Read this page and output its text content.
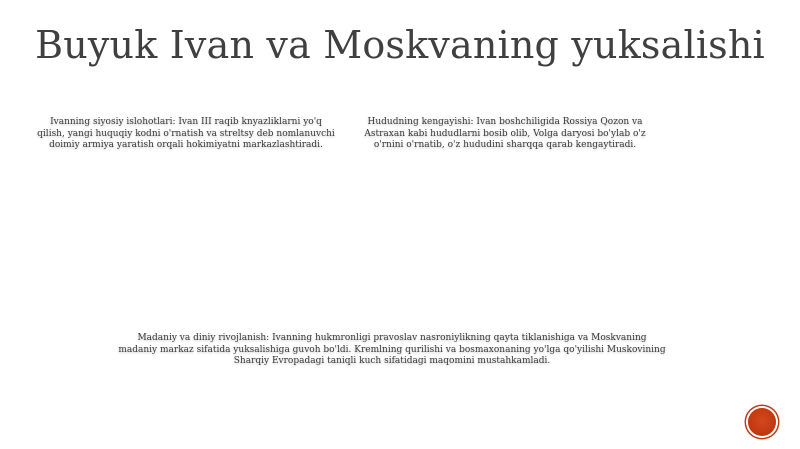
Buyuk Ivan va Moskvaning yuksalishi
Ivanning siyosiy islohotlari: Ivan III raqib knyazliklarni yo'q qilish, yangi huquqiy kodni o'rnatish va streltsy deb nomlanuvchi doimiy armiya yaratish orqali hokimiyatni markazlashtiradi.
Hududning kengayishi: Ivan boshchiligida Rossiya Qozon va Astraxan kabi hududlarni bosib olib, Volga daryosi bo'ylab o'z o'rnini o'rnatib, o'z hududini sharqqa qarab kengaytiradi.
Madaniy va diniy rivojlanish: Ivanning hukmronligi pravoslav nasroniylikning qayta tiklanishiga va Moskvaning madaniy markaz sifatida yuksalishiga guvoh bo'ldi. Kremlning qurilishi va bosmaxonaning yo'lga qo'yilishi Muskovining Sharqiy Evropadagi taniqli kuch sifatidagi maqomini mustahkamladi.
